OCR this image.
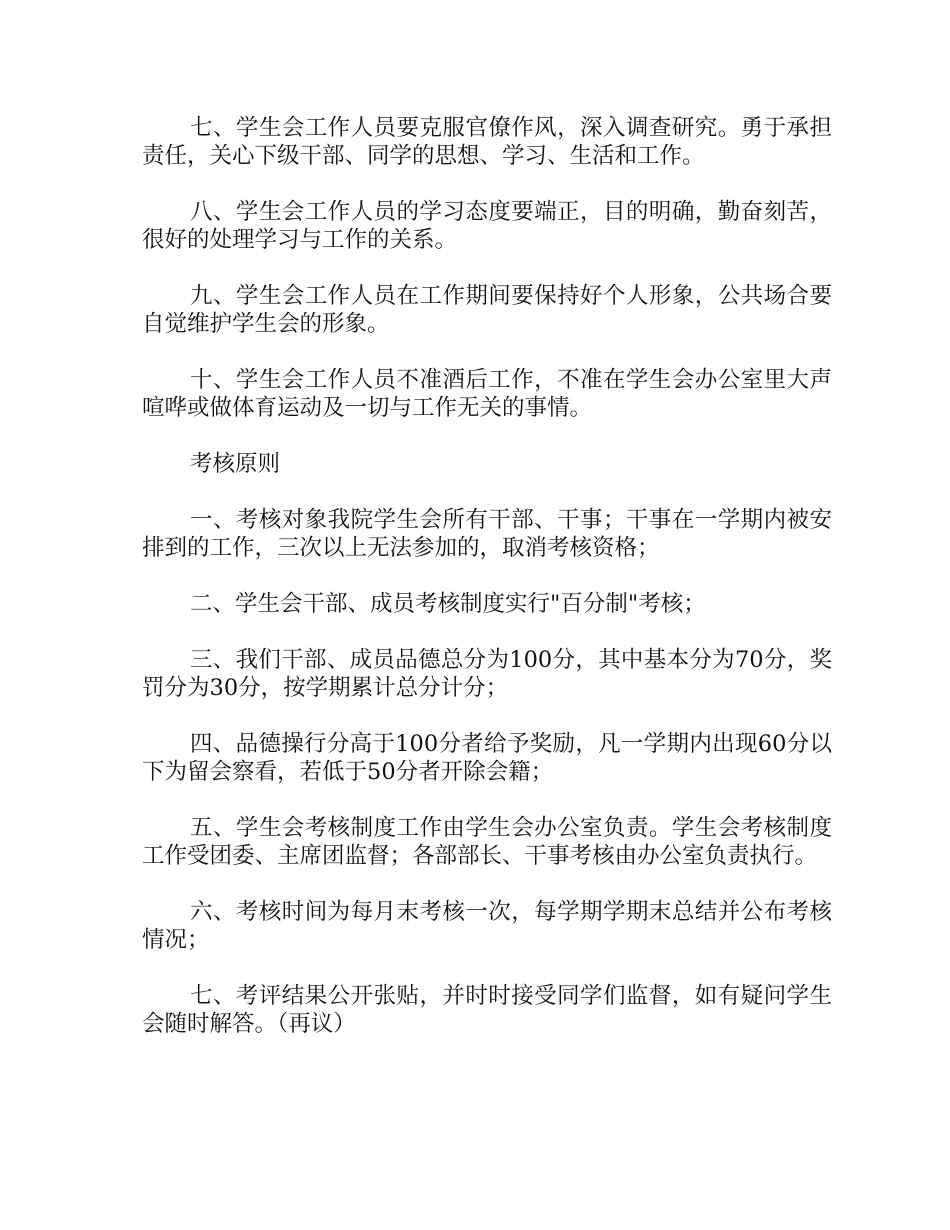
七、学生会工作人员要克服官僚作风，深入调查研究。勇于承担责任，关心下级干部、同学的思想、学习、生活和工作。

八、学生会工作人员的学习态度要端正，目的明确，勤奋刻苦，很好的处理学习与工作的关系。

九、学生会工作人员在工作期间要保持好个人形象，公共场合要自觉维护学生会的形象。

十、学生会工作人员不准酒后工作，不准在学生会办公室里大声喧哗或做体育运动及一切与工作无关的事情。

考核原则

一、考核对象我院学生会所有干部、干事；干事在一学期内被安排到的工作，三次以上无法参加的，取消考核资格；

二、学生会干部、成员考核制度实行"百分制"考核；

三、我们干部、成员品德总分为100分，其中基本分为70分，奖罚分为30分，按学期累计总分计分；

四、品德操行分高于100分者给予奖励，凡一学期内出现60分以下为留会察看，若低于50分者开除会籍；

五、学生会考核制度工作由学生会办公室负责。学生会考核制度工作受团委、主席团监督；各部部长、干事考核由办公室负责执行。

六、考核时间为每月末考核一次，每学期学期末总结并公布考核情况；

七、考评结果公开张贴，并时时接受同学们监督，如有疑问学生会随时解答。（再议）
